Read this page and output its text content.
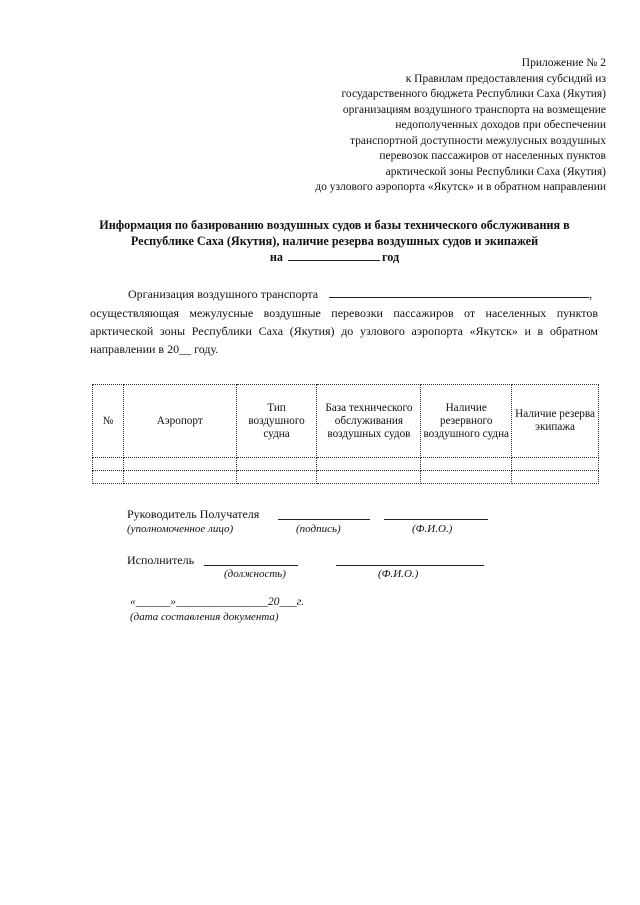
Приложение № 2
к Правилам предоставления субсидий из
государственного бюджета Республики Саха (Якутия)
организациям воздушного транспорта на возмещение
недополученных доходов при обеспечении
транспортной доступности межулусных воздушных
перевозок пассажиров от населенных пунктов
арктической зоны Республики Саха (Якутия)
до узлового аэропорта «Якутск» и в обратном направлении
Информация по базированию воздушных судов и базы технического обслуживания в
Республике Саха (Якутия), наличие резерва воздушных судов и экипажей
на	год
Организация воздушного транспорта	,
осуществляющая межулусные воздушные перевозки пассажиров от населенных пунктов арктической зоны Республики Саха (Якутия) до узлового аэропорта «Якутск» и в обратном направлении в 20__ году.
№	Аэропорт	Тип воздушного судна	База технического обслуживания воздушных судов	Наличие резервного воздушного судна	Наличие резерва экипажа

Руководитель Получателя
(уполномоченное лицо)	(подпись)	(Ф.И.О.)
Исполнитель
(должность)	(Ф.И.О.)
«______»________________20___г.
(дата составления документа)
